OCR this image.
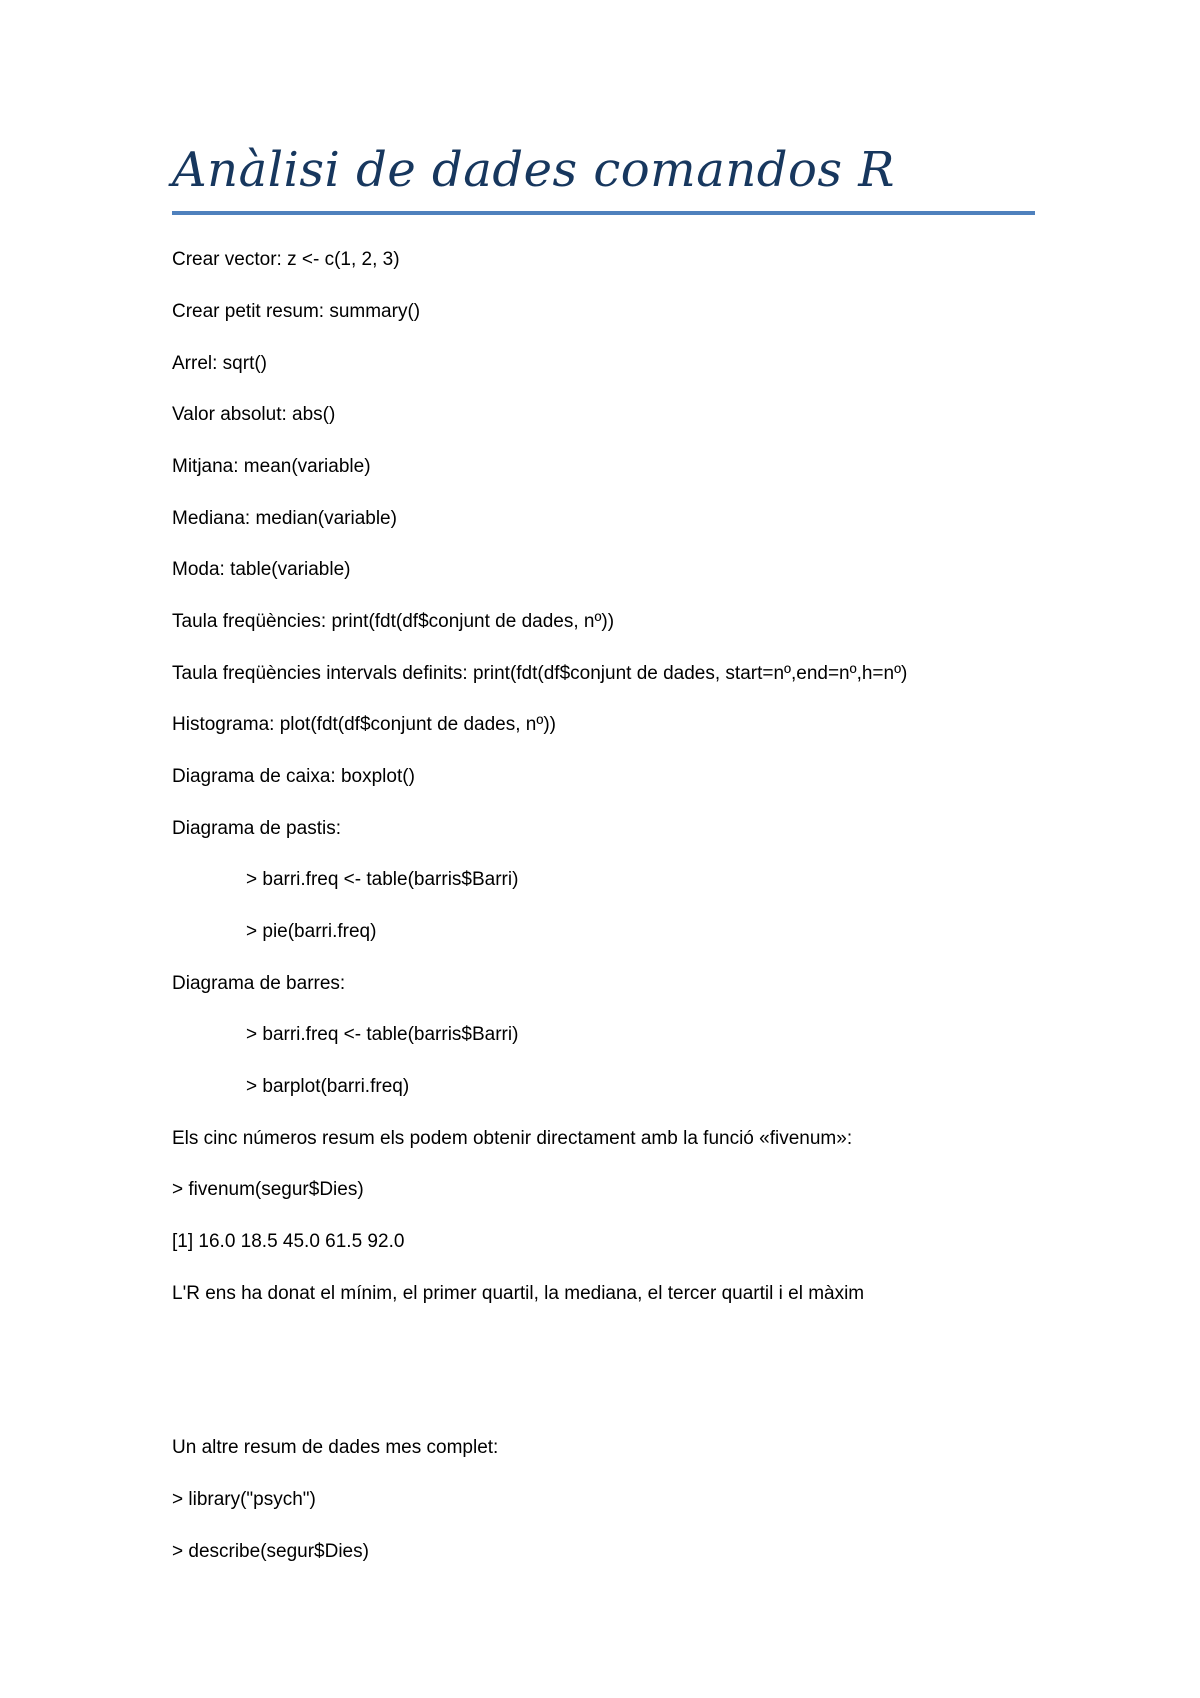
Anàlisi de dades comandos R
Crear vector: z <- c(1, 2, 3)
Crear petit resum: summary()
Arrel: sqrt()
Valor absolut: abs()
Mitjana: mean(variable)
Mediana: median(variable)
Moda: table(variable)
Taula freqüències: print(fdt(df$conjunt de dades, nº))
Taula freqüències intervals definits: print(fdt(df$conjunt de dades, start=nº,end=nº,h=nº)
Histograma: plot(fdt(df$conjunt de dades, nº))
Diagrama de caixa: boxplot()
Diagrama de pastis:
> barri.freq <- table(barris$Barri)
> pie(barri.freq)
Diagrama de barres:
> barri.freq <- table(barris$Barri)
> barplot(barri.freq)
Els cinc números resum els podem obtenir directament amb la funció «fivenum»:
> fivenum(segur$Dies)
[1] 16.0 18.5 45.0 61.5 92.0
L'R ens ha donat el mínim, el primer quartil, la mediana, el tercer quartil i el màxim
Un altre resum de dades mes complet:
> library("psych")
> describe(segur$Dies)
